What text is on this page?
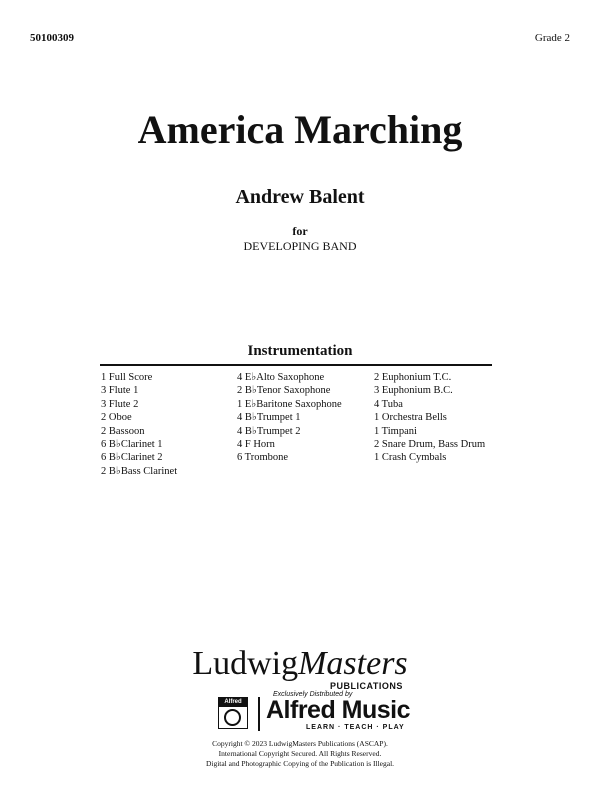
50100309	Grade 2
America Marching
Andrew Balent
for
DEVELOPING BAND
Instrumentation
1 Full Score
3 Flute 1
3 Flute 2
2 Oboe
2 Bassoon
6 B♭Clarinet 1
6 B♭Clarinet 2
2 B♭Bass Clarinet
4 E♭Alto Saxophone
2 B♭Tenor Saxophone
1 E♭Baritone Saxophone
4 B♭Trumpet 1
4 B♭Trumpet 2
4 F Horn
6 Trombone
2 Euphonium T.C.
3 Euphonium B.C.
4 Tuba
1 Orchestra Bells
1 Timpani
2 Snare Drum, Bass Drum
1 Crash Cymbals
LudwigMasters
PUBLICATIONS
Exclusively Distributed by
Alfred Alfred Music
LEARN · TEACH · PLAY
Copyright © 2023 LudwigMasters Publications (ASCAP).
International Copyright Secured. All Rights Reserved.
Digital and Photographic Copying of the Publication is Illegal.
